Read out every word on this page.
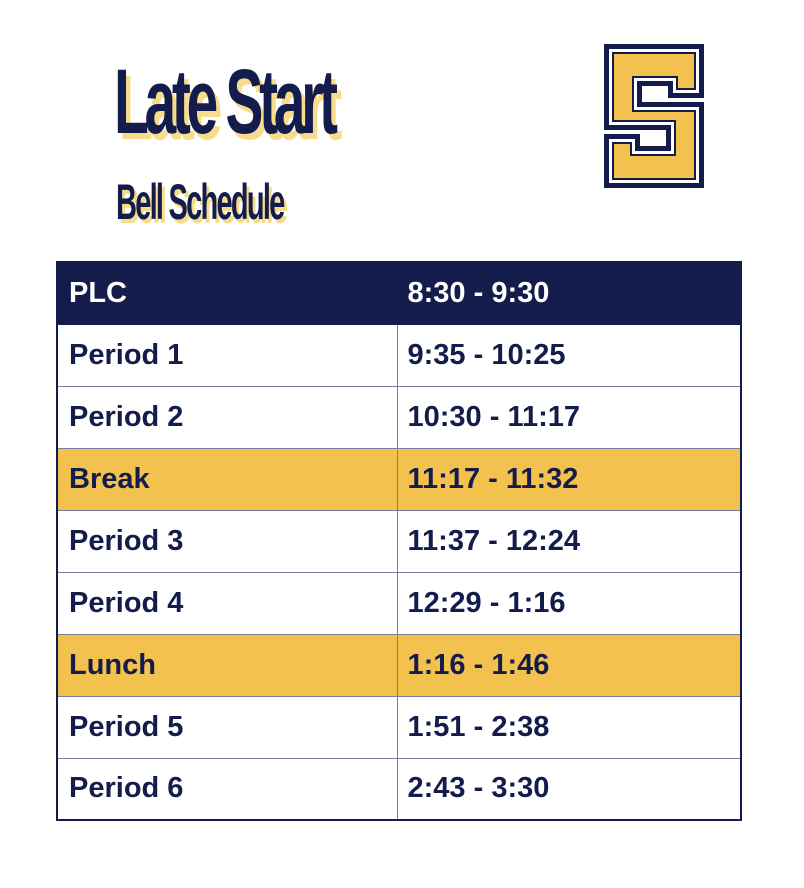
Late Start
Bell Schedule
PLC	8:30 - 9:30
Period 1	9:35 - 10:25
Period 2	10:30 - 11:17
Break	11:17 - 11:32
Period 3	11:37 - 12:24
Period 4	12:29 - 1:16
Lunch	1:16 - 1:46
Period 5	1:51 - 2:38
Period 6	2:43 - 3:30
